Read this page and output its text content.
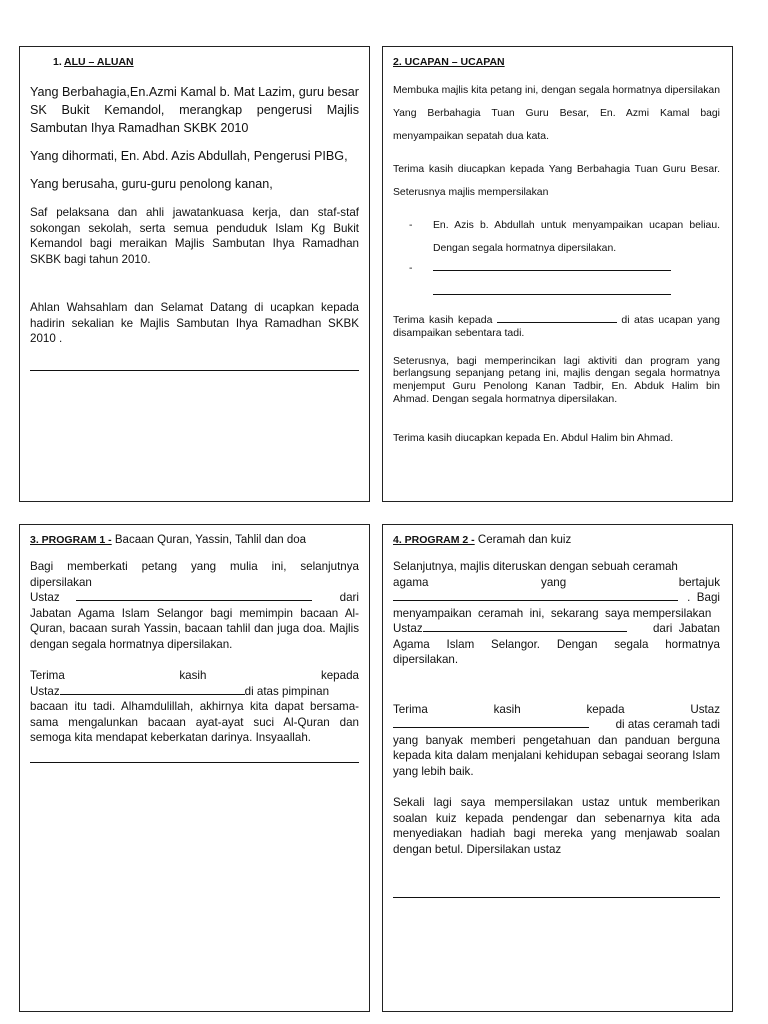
1. ALU – ALUAN

Yang Berbahagia,En.Azmi Kamal b. Mat Lazim, guru besar SK Bukit Kemandol, merangkap pengerusi Majlis Sambutan Ihya Ramadhan SKBK 2010

Yang dihormati, En. Abd. Azis Abdullah, Pengerusi PIBG,

Yang berusaha, guru-guru penolong kanan,

Saf pelaksana dan ahli jawatankuasa kerja, dan staf-staf sokongan sekolah, serta semua penduduk Islam Kg Bukit Kemandol bagi meraikan Majlis Sambutan Ihya Ramadhan SKBK bagi tahun 2010.

Ahlan Wahsahlam dan Selamat Datang di ucapkan kepada hadirin sekalian ke Majlis Sambutan Ihya Ramadhan SKBK 2010 .

2. UCAPAN – UCAPAN

Membuka majlis kita petang ini, dengan segala hormatnya dipersilakan Yang Berbahagia Tuan Guru Besar, En. Azmi Kamal bagi menyampaikan sepatah dua kata.

Terima kasih diucapkan kepada Yang Berbahagia Tuan Guru Besar. Seterusnya majlis mempersilakan

-	En. Azis b. Abdullah untuk menyampaikan ucapan beliau. Dengan segala hormatnya dipersilakan.
-

Terima kasih kepada	di atas ucapan yang disampaikan sebentara tadi.

Seterusnya, bagi memperincikan lagi aktiviti dan program yang berlangsung sepanjang petang ini, majlis dengan segala hormatnya menjemput Guru Penolong Kanan Tadbir, En. Abduk Halim bin Ahmad. Dengan segala hormatnya dipersilakan.

Terima kasih diucapkan kepada En. Abdul Halim bin Ahmad.

3. PROGRAM 1 - Bacaan Quran, Yassin, Tahlil dan doa

Bagi memberkati petang yang mulia ini, selanjutnya dipersilakan

Ustaz	dari

Jabatan Agama Islam Selangor bagi memimpin bacaan Al-Quran, bacaan surah Yassin, bacaan tahlil dan juga doa. Majlis dengan segala hormatnya dipersilakan.

Terima	kasih	kepada
Ustaz	di atas pimpinan

bacaan itu tadi. Alhamdulillah, akhirnya kita dapat bersama-sama mengalunkan bacaan ayat-ayat suci Al-Quran dan semoga kita mendapat keberkatan darinya. Insyaallah.

4. PROGRAM 2 - Ceramah dan kuiz

Selanjutnya, majlis diteruskan dengan sebuah ceramah

agama	yang	bertajuk
.  Bagi

menyampaikan  ceramah  ini,  sekarang  saya mempersilakan

Ustaz	dari  Jabatan

Agama Islam Selangor. Dengan segala hormatnya dipersilakan.

Terima	kasih	kepada	Ustaz
di atas ceramah tadi

yang banyak memberi pengetahuan dan panduan berguna kepada kita dalam menjalani kehidupan sebagai seorang Islam yang lebih baik.

Sekali lagi saya mempersilakan ustaz untuk memberikan soalan kuiz kepada pendengar dan sebenarnya kita ada menyediakan hadiah bagi mereka yang menjawab soalan dengan betul. Dipersilakan ustaz
